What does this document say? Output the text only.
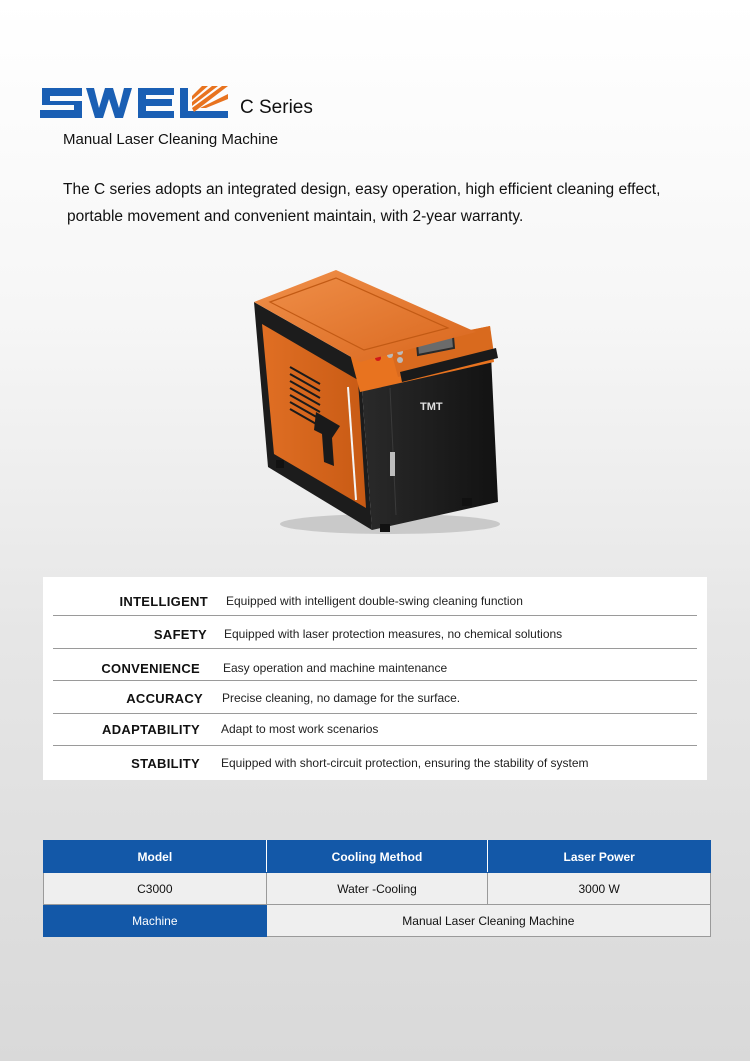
C Series
Manual Laser Cleaning Machine
The C series adopts an integrated design, easy operation, high efficient cleaning effect,
portable movement and convenient maintain, with 2-year warranty.
TMT
INTELLIGENT Equipped with intelligent double-swing cleaning function
SAFETY Equipped with laser protection measures, no chemical solutions
CONVENIENCE Easy operation and machine maintenance
ACCURACY Precise cleaning, no damage for the surface.
ADAPTABILITY Adapt to most work scenarios
STABILITY Equipped with short-circuit protection, ensuring the stability of system
Model	Cooling Method	Laser Power
C3000	Water -Cooling	3000 W
Machine	Manual Laser Cleaning Machine	
